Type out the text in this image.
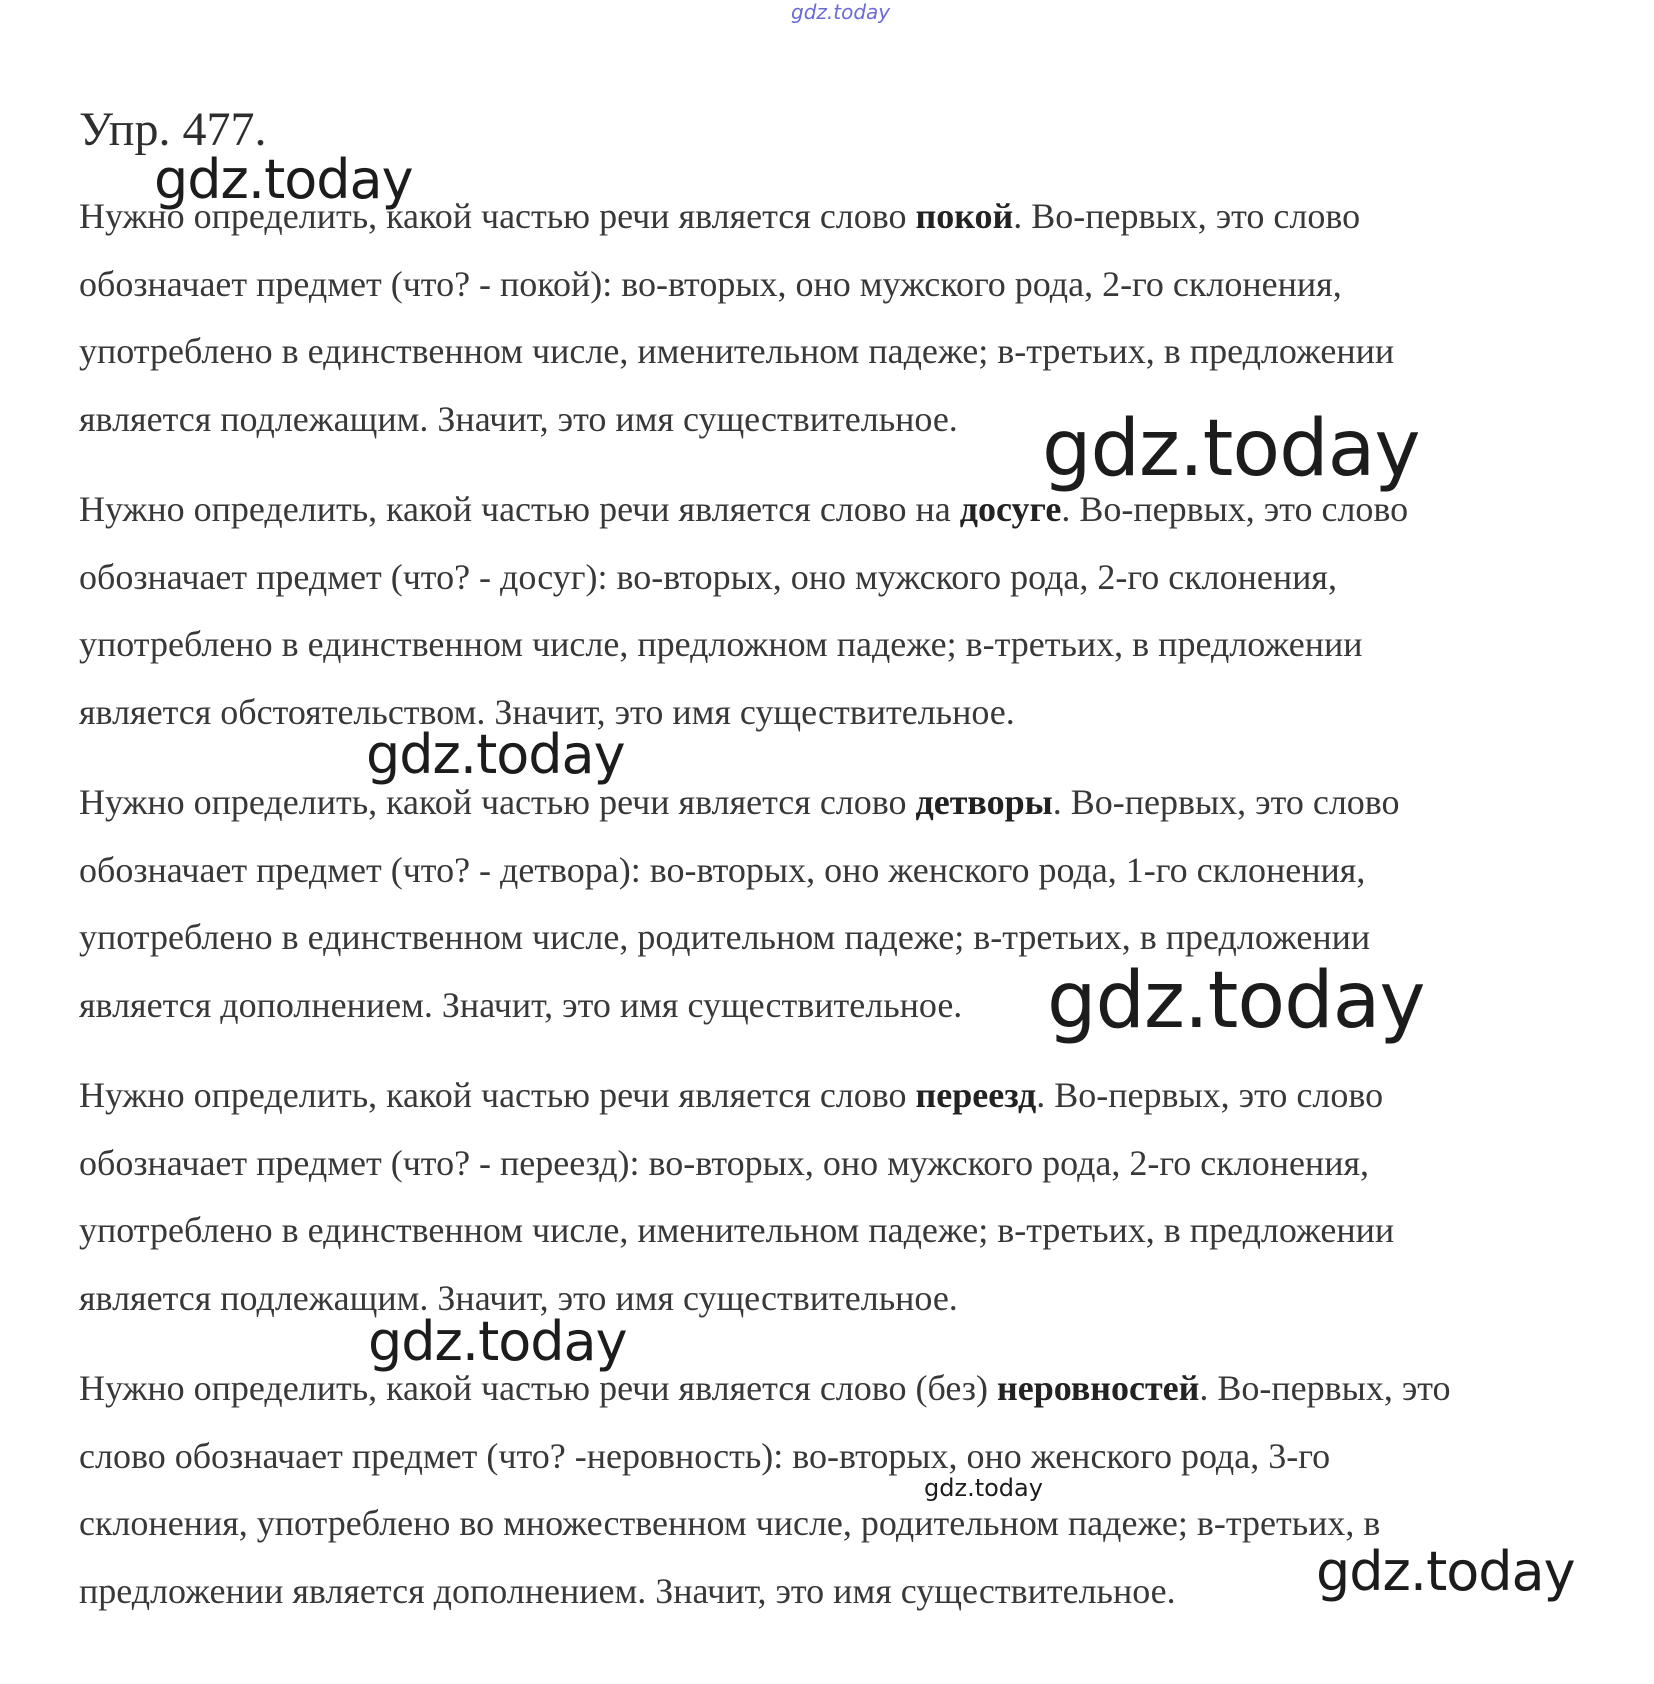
Упр. 477.

Нужно определить, какой частью речи является слово покой. Во-первых, это слово
обозначает предмет (что? - покой): во-вторых, оно мужского рода, 2-го склонения,
употреблено в единственном числе, именительном падеже; в-третьих, в предложении
является подлежащим. Значит, это имя существительное.

Нужно определить, какой частью речи является слово на досуге. Во-первых, это слово
обозначает предмет (что? - досуг): во-вторых, оно мужского рода, 2-го склонения,
употреблено в единственном числе, предложном падеже; в-третьих, в предложении
является обстоятельством. Значит, это имя существительное.

Нужно определить, какой частью речи является слово детворы. Во-первых, это слово
обозначает предмет (что? - детвора): во-вторых, оно женского рода, 1-го склонения,
употреблено в единственном числе, родительном падеже; в-третьих, в предложении
является дополнением. Значит, это имя существительное.

Нужно определить, какой частью речи является слово переезд. Во-первых, это слово
обозначает предмет (что? - переезд): во-вторых, оно мужского рода, 2-го склонения,
употреблено в единственном числе, именительном падеже; в-третьих, в предложении
является подлежащим. Значит, это имя существительное.

Нужно определить, какой частью речи является слово (без) неровностей. Во-первых, это
слово обозначает предмет (что? -неровность): во-вторых, оно женского рода, 3-го
склонения, употреблено во множественном числе, родительном падеже; в-третьих, в
предложении является дополнением. Значит, это имя существительное.

gdz.today
gdz.today
gdz.today
gdz.today
gdz.today
gdz.today
gdz.today
gdz.today
